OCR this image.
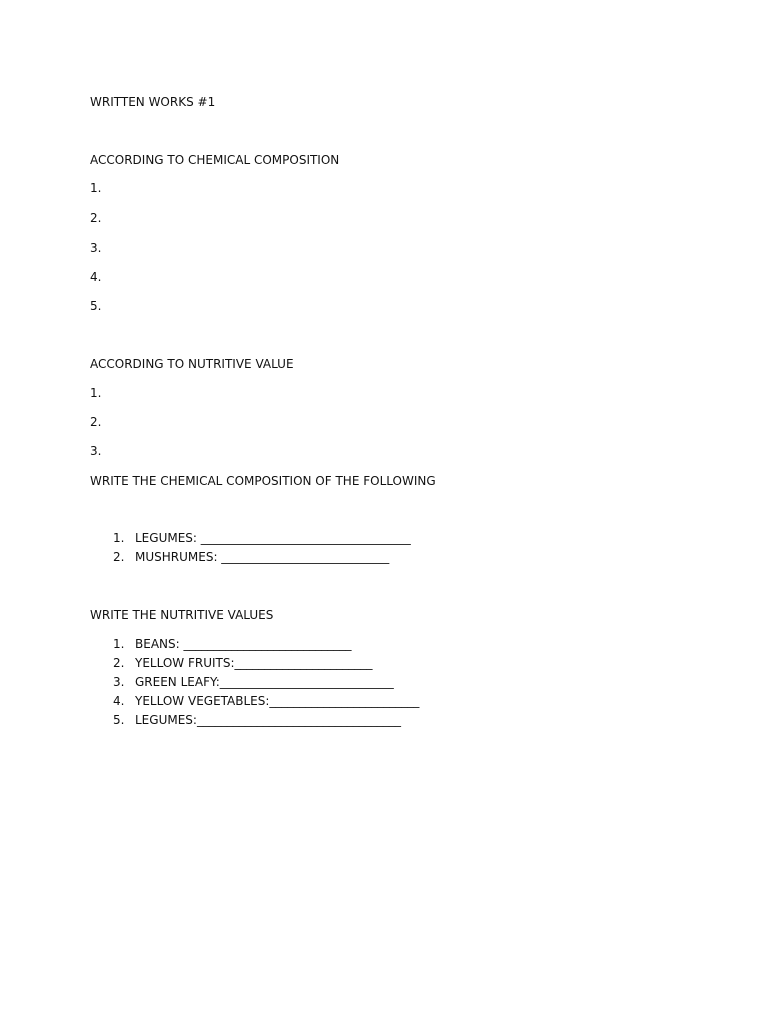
WRITTEN WORKS #1
ACCORDING TO CHEMICAL COMPOSITION
1.
2.
3.
4.
5.
ACCORDING TO NUTRITIVE VALUE
1.
2.
3.
WRITE THE CHEMICAL COMPOSITION OF THE FOLLOWING
1. LEGUMES: ___________________________________
2. MUSHRUMES: ____________________________
WRITE THE NUTRITIVE VALUES
1. BEANS: ____________________________
2. YELLOW FRUITS:_______________________
3. GREEN LEAFY:_____________________________
4. YELLOW VEGETABLES:_________________________
5. LEGUMES:__________________________________
